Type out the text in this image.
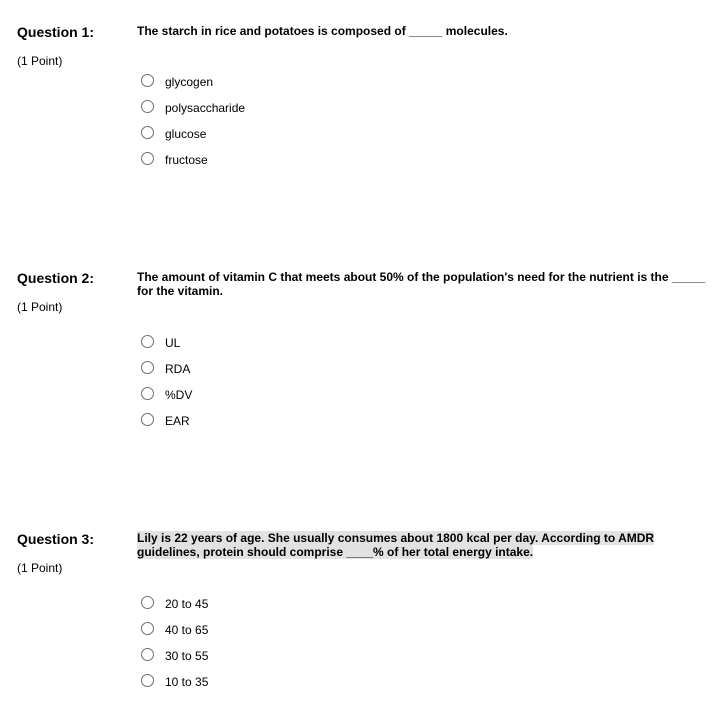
Question 1:
(1 Point)
The starch in rice and potatoes is composed of _____ molecules.
glycogen
polysaccharide
glucose
fructose
Question 2:
(1 Point)
The amount of vitamin C that meets about 50% of the population's need for the nutrient is the _____ for the vitamin.
UL
RDA
%DV
EAR
Question 3:
(1 Point)
Lily is 22 years of age. She usually consumes about 1800 kcal per day. According to AMDR guidelines, protein should comprise ____% of her total energy intake.
20 to 45
40 to 65
30 to 55
10 to 35
